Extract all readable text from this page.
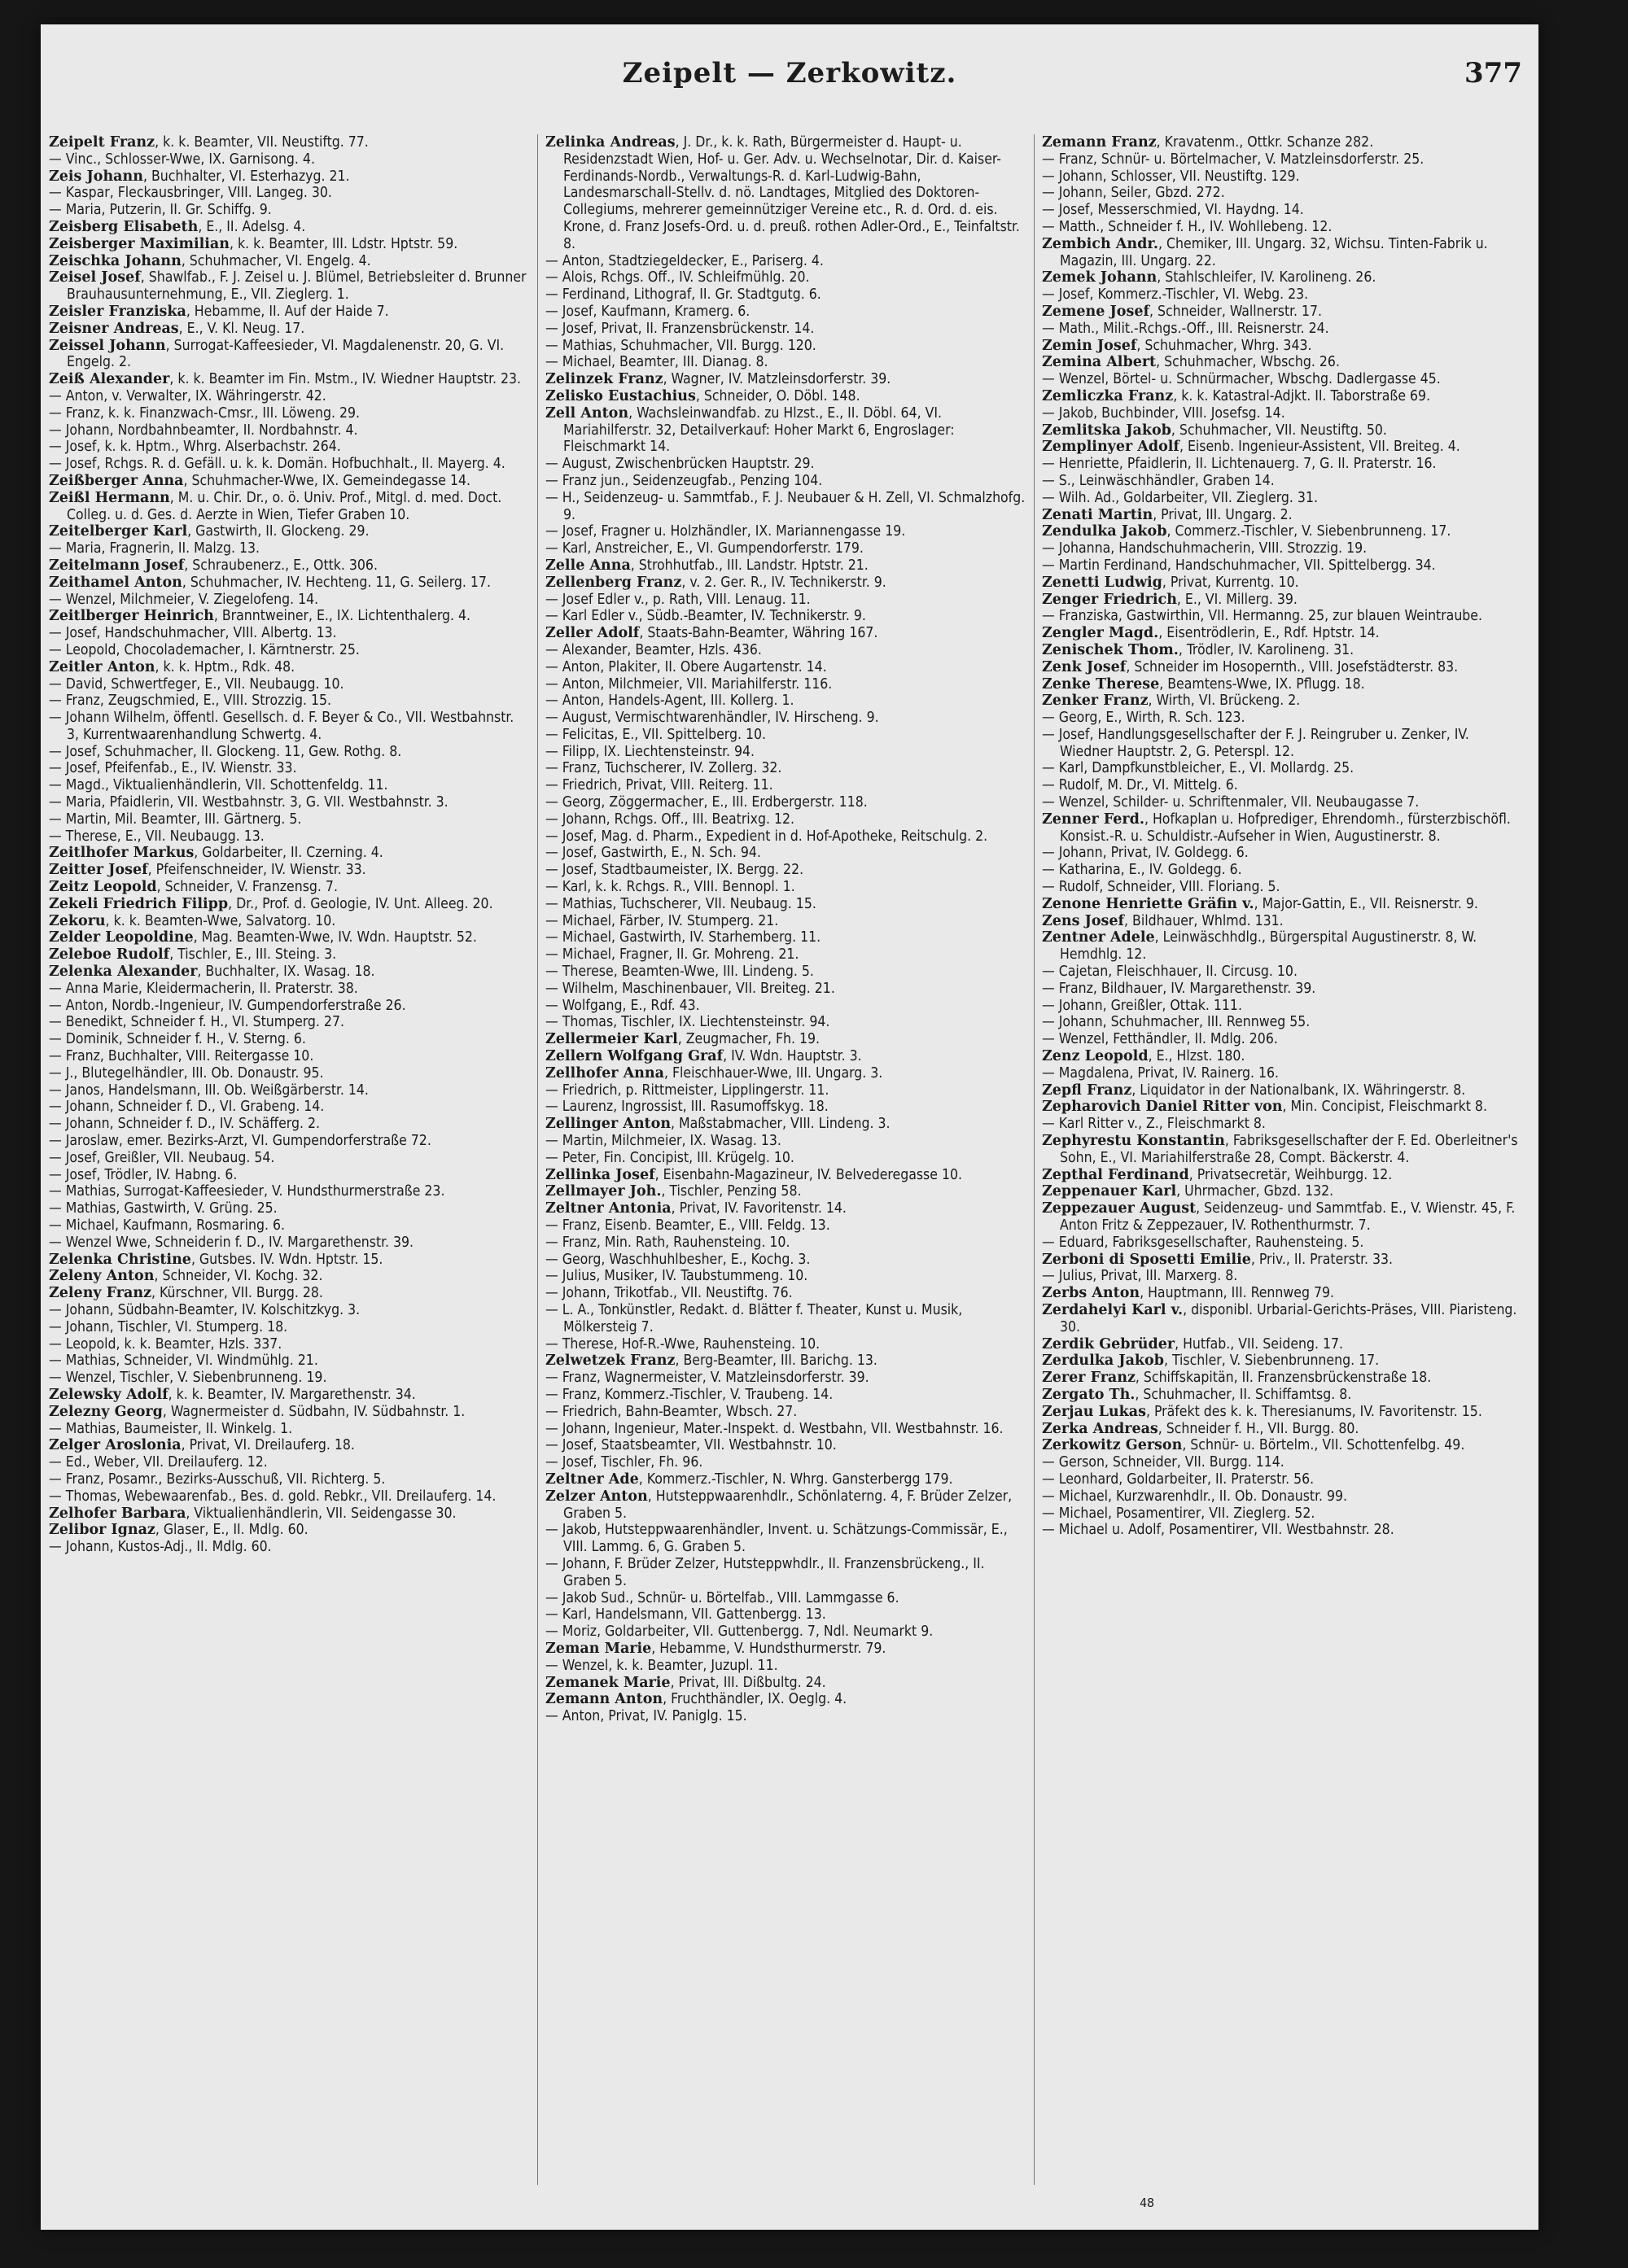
Zeipelt — Zerkowitz.	377
Zeipelt Franz, k. k. Beamter, VII. Neustiftg. 77.
— Vinc., Schlosser-Wwe, IX. Garnisong. 4.
Zeis Johann, Buchhalter, VI. Esterhazyg. 21.
— Kaspar, Fleckausbringer, VIII. Langeg. 30.
— Maria, Putzerin, II. Gr. Schiffg. 9.
Zeisberg Elisabeth, E., II. Adelsg. 4.
Zeisberger Maximilian, k. k. Beamter, III. Ldstr. Hptstr. 59.
Zeischka Johann, Schuhmacher, VI. Engelg. 4.
Zeisel Josef, Shawlfab., F. J. Zeisel u. J. Blümel, Betriebsleiter d. Brunner Brauhausunternehmung, E., VII. Zieglerg. 1.
Zeisler Franziska, Hebamme, II. Auf der Haide 7.
Zeisner Andreas, E., V. Kl. Neug. 17.
Zeissel Johann, Surrogat-Kaffeesieder, VI. Magdalenenstr. 20, G. VI. Engelg. 2.
Zeiß Alexander, k. k. Beamter im Fin. Mstm., IV. Wiedner Hauptstr. 23.
— Anton, v. Verwalter, IX. Währingerstr. 42.
— Franz, k. k. Finanzwach-Cmsr., III. Löweng. 29.
— Johann, Nordbahnbeamter, II. Nordbahnstr. 4.
— Josef, k. k. Hptm., Whrg. Alserbachstr. 264.
— Josef, Rchgs. R. d. Gefäll. u. k. k. Domän. Hofbuchhalt., II. Mayerg. 4.
Zeißberger Anna, Schuhmacher-Wwe, IX. Gemeindegasse 14.
Zeißl Hermann, M. u. Chir. Dr., o. ö. Univ. Prof., Mitgl. d. med. Doct. Colleg. u. d. Ges. d. Aerzte in Wien, Tiefer Graben 10.
Zeitelberger Karl, Gastwirth, II. Glockeng. 29.
— Maria, Fragnerin, II. Malzg. 13.
Zeitelmann Josef, Schraubenerz., E., Ottk. 306.
Zeithamel Anton, Schuhmacher, IV. Hechteng. 11, G. Seilerg. 17.
— Wenzel, Milchmeier, V. Ziegelofeng. 14.
Zeitlberger Heinrich, Branntweiner, E., IX. Lichtenthalerg. 4.
— Josef, Handschuhmacher, VIII. Albertg. 13.
— Leopold, Chocolademacher, I. Kärntnerstr. 25.
Zeitler Anton, k. k. Hptm., Rdk. 48.
— David, Schwertfeger, E., VII. Neubaugg. 10.
— Franz, Zeugschmied, E., VIII. Strozzig. 15.
— Johann Wilhelm, öffentl. Gesellsch. d. F. Beyer & Co., VII. Westbahnstr. 3, Kurrentwaarenhandlung Schwertg. 4.
— Josef, Schuhmacher, II. Glockeng. 11, Gew. Rothg. 8.
— Josef, Pfeifenfab., E., IV. Wienstr. 33.
— Magd., Viktualienhändlerin, VII. Schottenfeldg. 11.
— Maria, Pfaidlerin, VII. Westbahnstr. 3, G. VII. Westbahnstr. 3.
— Martin, Mil. Beamter, III. Gärtnerg. 5.
— Therese, E., VII. Neubaugg. 13.
Zeitlhofer Markus, Goldarbeiter, II. Czerning. 4.
Zeitter Josef, Pfeifenschneider, IV. Wienstr. 33.
Zeitz Leopold, Schneider, V. Franzensg. 7.
Zekeli Friedrich Filipp, Dr., Prof. d. Geologie, IV. Unt. Alleeg. 20.
Zekoru, k. k. Beamten-Wwe, Salvatorg. 10.
Zelder Leopoldine, Mag. Beamten-Wwe, IV. Wdn. Hauptstr. 52.
Zeleboe Rudolf, Tischler, E., III. Steing. 3.
Zelenka Alexander, Buchhalter, IX. Wasag. 18.
— Anna Marie, Kleidermacherin, II. Praterstr. 38.
— Anton, Nordb.-Ingenieur, IV. Gumpendorferstraße 26.
— Benedikt, Schneider f. H., VI. Stumperg. 27.
— Dominik, Schneider f. H., V. Sterng. 6.
— Franz, Buchhalter, VIII. Reitergasse 10.
— J., Blutegelhändler, III. Ob. Donaustr. 95.
— Janos, Handelsmann, III. Ob. Weißgärberstr. 14.
— Johann, Schneider f. D., VI. Grabeng. 14.
— Johann, Schneider f. D., IV. Schäfferg. 2.
— Jaroslaw, emer. Bezirks-Arzt, VI. Gumpendorferstraße 72.
— Josef, Greißler, VII. Neubaug. 54.
— Josef, Trödler, IV. Habng. 6.
— Mathias, Surrogat-Kaffeesieder, V. Hundsthurmerstraße 23.
— Mathias, Gastwirth, V. Grüng. 25.
— Michael, Kaufmann, Rosmaring. 6.
— Wenzel Wwe, Schneiderin f. D., IV. Margarethenstr. 39.
Zelenka Christine, Gutsbes. IV. Wdn. Hptstr. 15.
Zeleny Anton, Schneider, VI. Kochg. 32.
Zeleny Franz, Kürschner, VII. Burgg. 28.
— Johann, Südbahn-Beamter, IV. Kolschitzkyg. 3.
— Johann, Tischler, VI. Stumperg. 18.
— Leopold, k. k. Beamter, Hzls. 337.
— Mathias, Schneider, VI. Windmühlg. 21.
— Wenzel, Tischler, V. Siebenbrunneng. 19.
Zelewsky Adolf, k. k. Beamter, IV. Margarethenstr. 34.
Zelezny Georg, Wagnermeister d. Südbahn, IV. Südbahnstr. 1.
— Mathias, Baumeister, II. Winkelg. 1.
Zelger Aroslonia, Privat, VI. Dreilauferg. 18.
— Ed., Weber, VII. Dreilauferg. 12.
— Franz, Posamr., Bezirks-Ausschuß, VII. Richterg. 5.
— Thomas, Webewaarenfab., Bes. d. gold. Rebkr., VII. Dreilauferg. 14.
Zelhofer Barbara, Viktualienhändlerin, VII. Seidengasse 30.
Zelibor Ignaz, Glaser, E., II. Mdlg. 60.
— Johann, Kustos-Adj., II. Mdlg. 60.
Zelinka Andreas, J. Dr., k. k. Rath, Bürgermeister d. Haupt- u. Residenzstadt Wien, Hof- u. Ger. Adv. u. Wechselnotar, Dir. d. Kaiser-Ferdinands-Nordb., Verwaltungs-R. d. Karl-Ludwig-Bahn, Landesmarschall-Stellv. d. nö. Landtages, Mitglied des Doktoren-Collegiums, mehrerer gemeinnütziger Vereine etc., R. d. Ord. d. eis. Krone, d. Franz Josefs-Ord. u. d. preuß. rothen Adler-Ord., E., Teinfaltstr. 8.
— Anton, Stadtziegeldecker, E., Pariserg. 4.
— Alois, Rchgs. Off., IV. Schleifmühlg. 20.
— Ferdinand, Lithograf, II. Gr. Stadtgutg. 6.
— Josef, Kaufmann, Kramerg. 6.
— Josef, Privat, II. Franzensbrückenstr. 14.
— Mathias, Schuhmacher, VII. Burgg. 120.
— Michael, Beamter, III. Dianag. 8.
Zelinzek Franz, Wagner, IV. Matzleinsdorferstr. 39.
Zelisko Eustachius, Schneider, O. Döbl. 148.
Zell Anton, Wachsleinwandfab. zu Hlzst., E., II. Döbl. 64, VI. Mariahilferstr. 32, Detailverkauf: Hoher Markt 6, Engroslager: Fleischmarkt 14.
— August, Zwischenbrücken Hauptstr. 29.
— Franz jun., Seidenzeugfab., Penzing 104.
— H., Seidenzeug- u. Sammtfab., F. J. Neubauer & H. Zell, VI. Schmalzhofg. 9.
— Josef, Fragner u. Holzhändler, IX. Mariannengasse 19.
— Karl, Anstreicher, E., VI. Gumpendorferstr. 179.
Zelle Anna, Strohhutfab., III. Landstr. Hptstr. 21.
Zellenberg Franz, v. 2. Ger. R., IV. Technikerstr. 9.
— Josef Edler v., p. Rath, VIII. Lenaug. 11.
— Karl Edler v., Südb.-Beamter, IV. Technikerstr. 9.
Zeller Adolf, Staats-Bahn-Beamter, Währing 167.
— Alexander, Beamter, Hzls. 436.
— Anton, Plakiter, II. Obere Augartenstr. 14.
— Anton, Milchmeier, VII. Mariahilferstr. 116.
— Anton, Handels-Agent, III. Kollerg. 1.
— August, Vermischtwarenhändler, IV. Hirscheng. 9.
— Felicitas, E., VII. Spittelberg. 10.
— Filipp, IX. Liechtensteinstr. 94.
— Franz, Tuchscherer, IV. Zollerg. 32.
— Friedrich, Privat, VIII. Reiterg. 11.
— Georg, Zöggermacher, E., III. Erdbergerstr. 118.
— Johann, Rchgs. Off., III. Beatrixg. 12.
— Josef, Mag. d. Pharm., Expedient in d. Hof-Apotheke, Reitschulg. 2.
— Josef, Gastwirth, E., N. Sch. 94.
— Josef, Stadtbaumeister, IX. Bergg. 22.
— Karl, k. k. Rchgs. R., VIII. Bennopl. 1.
— Mathias, Tuchscherer, VII. Neubaug. 15.
— Michael, Färber, IV. Stumperg. 21.
— Michael, Gastwirth, IV. Starhemberg. 11.
— Michael, Fragner, II. Gr. Mohreng. 21.
— Therese, Beamten-Wwe, III. Lindeng. 5.
— Wilhelm, Maschinenbauer, VII. Breiteg. 21.
— Wolfgang, E., Rdf. 43.
— Thomas, Tischler, IX. Liechtensteinstr. 94.
Zellermeier Karl, Zeugmacher, Fh. 19.
Zellern Wolfgang Graf, IV. Wdn. Hauptstr. 3.
Zellhofer Anna, Fleischhauer-Wwe, III. Ungarg. 3.
— Friedrich, p. Rittmeister, Lipplingerstr. 11.
— Laurenz, Ingrossist, III. Rasumoffskyg. 18.
Zellinger Anton, Maßstabmacher, VIII. Lindeng. 3.
— Martin, Milchmeier, IX. Wasag. 13.
— Peter, Fin. Concipist, III. Krügelg. 10.
Zellinka Josef, Eisenbahn-Magazineur, IV. Belvederegasse 10.
Zellmayer Joh., Tischler, Penzing 58.
Zeltner Antonia, Privat, IV. Favoritenstr. 14.
— Franz, Eisenb. Beamter, E., VIII. Feldg. 13.
— Franz, Min. Rath, Rauhensteing. 10.
— Georg, Waschhuhlbesher, E., Kochg. 3.
— Julius, Musiker, IV. Taubstummeng. 10.
— Johann, Trikotfab., VII. Neustiftg. 76.
— L. A., Tonkünstler, Redakt. d. Blätter f. Theater, Kunst u. Musik, Mölkersteig 7.
— Therese, Hof-R.-Wwe, Rauhensteing. 10.
Zelwetzek Franz, Berg-Beamter, III. Barichg. 13.
— Franz, Wagnermeister, V. Matzleinsdorferstr. 39.
— Franz, Kommerz.-Tischler, V. Traubeng. 14.
— Friedrich, Bahn-Beamter, Wbsch. 27.
— Johann, Ingenieur, Mater.-Inspekt. d. Westbahn, VII. Westbahnstr. 16.
— Josef, Staatsbeamter, VII. Westbahnstr. 10.
— Josef, Tischler, Fh. 96.
Zeltner Ade, Kommerz.-Tischler, N. Whrg. Gansterbergg 179.
Zelzer Anton, Hutsteppwaarenhdlr., Schönlaterng. 4, F. Brüder Zelzer, Graben 5.
— Jakob, Hutsteppwaarenhändler, Invent. u. Schätzungs-Commissär, E., VIII. Lammg. 6, G. Graben 5.
— Johann, F. Brüder Zelzer, Hutsteppwhdlr., II. Franzensbrückeng., II. Graben 5.
— Jakob Sud., Schnür- u. Börtelfab., VIII. Lammgasse 6.
— Karl, Handelsmann, VII. Gattenbergg. 13.
— Moriz, Goldarbeiter, VII. Guttenbergg. 7, Ndl. Neumarkt 9.
Zeman Marie, Hebamme, V. Hundsthurmerstr. 79.
— Wenzel, k. k. Beamter, Juzupl. 11.
Zemanek Marie, Privat, III. Dißbultg. 24.
Zemann Anton, Fruchthändler, IX. Oeglg. 4.
— Anton, Privat, IV. Paniglg. 15.
Zemann Franz, Kravatenm., Ottkr. Schanze 282.
— Franz, Schnür- u. Börtelmacher, V. Matzleinsdorferstr. 25.
— Johann, Schlosser, VII. Neustiftg. 129.
— Johann, Seiler, Gbzd. 272.
— Josef, Messerschmied, VI. Haydng. 14.
— Matth., Schneider f. H., IV. Wohllebeng. 12.
Zembich Andr., Chemiker, III. Ungarg. 32, Wichsu. Tinten-Fabrik u. Magazin, III. Ungarg. 22.
Zemek Johann, Stahlschleifer, IV. Karolineng. 26.
— Josef, Kommerz.-Tischler, VI. Webg. 23.
Zemene Josef, Schneider, Wallnerstr. 17.
— Math., Milit.-Rchgs.-Off., III. Reisnerstr. 24.
Zemin Josef, Schuhmacher, Whrg. 343.
Zemina Albert, Schuhmacher, Wbschg. 26.
— Wenzel, Börtel- u. Schnürmacher, Wbschg. Dadlergasse 45.
Zemliczka Franz, k. k. Katastral-Adjkt. II. Taborstraße 69.
— Jakob, Buchbinder, VIII. Josefsg. 14.
Zemlitska Jakob, Schuhmacher, VII. Neustiftg. 50.
Zemplinyer Adolf, Eisenb. Ingenieur-Assistent, VII. Breiteg. 4.
— Henriette, Pfaidlerin, II. Lichtenauerg. 7, G. II. Praterstr. 16.
— S., Leinwäschhändler, Graben 14.
— Wilh. Ad., Goldarbeiter, VII. Zieglerg. 31.
Zenati Martin, Privat, III. Ungarg. 2.
Zendulka Jakob, Commerz.-Tischler, V. Siebenbrunneng. 17.
— Johanna, Handschuhmacherin, VIII. Strozzig. 19.
— Martin Ferdinand, Handschuhmacher, VII. Spittelbergg. 34.
Zenetti Ludwig, Privat, Kurrentg. 10.
Zenger Friedrich, E., VI. Millerg. 39.
— Franziska, Gastwirthin, VII. Hermanng. 25, zur blauen Weintraube.
Zengler Magd., Eisentrödlerin, E., Rdf. Hptstr. 14.
Zenischek Thom., Trödler, IV. Karolineng. 31.
Zenk Josef, Schneider im Hosopernth., VIII. Josefstädterstr. 83.
Zenke Therese, Beamtens-Wwe, IX. Pflugg. 18.
Zenker Franz, Wirth, VI. Brückeng. 2.
— Georg, E., Wirth, R. Sch. 123.
— Josef, Handlungsgesellschafter der F. J. Reingruber u. Zenker, IV. Wiedner Hauptstr. 2, G. Peterspl. 12.
— Karl, Dampfkunstbleicher, E., VI. Mollardg. 25.
— Rudolf, M. Dr., VI. Mittelg. 6.
— Wenzel, Schilder- u. Schriftenmaler, VII. Neubaugasse 7.
Zenner Ferd., Hofkaplan u. Hofprediger, Ehrendomh., fürsterzbischöfl. Konsist.-R. u. Schuldistr.-Aufseher in Wien, Augustinerstr. 8.
— Johann, Privat, IV. Goldegg. 6.
— Katharina, E., IV. Goldegg. 6.
— Rudolf, Schneider, VIII. Floriang. 5.
Zenone Henriette Gräfin v., Major-Gattin, E., VII. Reisnerstr. 9.
Zens Josef, Bildhauer, Whlmd. 131.
Zentner Adele, Leinwäschhdlg., Bürgerspital Augustinerstr. 8, W. Hemdhlg. 12.
— Cajetan, Fleischhauer, II. Circusg. 10.
— Franz, Bildhauer, IV. Margarethenstr. 39.
— Johann, Greißler, Ottak. 111.
— Johann, Schuhmacher, III. Rennweg 55.
— Wenzel, Fetthändler, II. Mdlg. 206.
Zenz Leopold, E., Hlzst. 180.
— Magdalena, Privat, IV. Rainerg. 16.
Zepfl Franz, Liquidator in der Nationalbank, IX. Währingerstr. 8.
Zepharovich Daniel Ritter von, Min. Concipist, Fleischmarkt 8.
— Karl Ritter v., Z., Fleischmarkt 8.
Zephyrestu Konstantin, Fabriksgesellschafter der F. Ed. Oberleitner's Sohn, E., VI. Mariahilferstraße 28, Compt. Bäckerstr. 4.
Zepthal Ferdinand, Privatsecretär, Weihburgg. 12.
Zeppenauer Karl, Uhrmacher, Gbzd. 132.
Zeppezauer August, Seidenzeug- und Sammtfab. E., V. Wienstr. 45, F. Anton Fritz & Zeppezauer, IV. Rothenthurmstr. 7.
— Eduard, Fabriksgesellschafter, Rauhensteing. 5.
Zerboni di Sposetti Emilie, Priv., II. Praterstr. 33.
— Julius, Privat, III. Marxerg. 8.
Zerbs Anton, Hauptmann, III. Rennweg 79.
Zerdahelyi Karl v., disponibl. Urbarial-Gerichts-Präses, VIII. Piaristeng. 30.
Zerdik Gebrüder, Hutfab., VII. Seideng. 17.
Zerdulka Jakob, Tischler, V. Siebenbrunneng. 17.
Zerer Franz, Schiffskapitän, II. Franzensbrückenstraße 18.
Zergato Th., Schuhmacher, II. Schiffamtsg. 8.
Zerjau Lukas, Präfekt des k. k. Theresianums, IV. Favoritenstr. 15.
Zerka Andreas, Schneider f. H., VII. Burgg. 80.
Zerkowitz Gerson, Schnür- u. Börtelm., VII. Schottenfelbg. 49.
— Gerson, Schneider, VII. Burgg. 114.
— Leonhard, Goldarbeiter, II. Praterstr. 56.
— Michael, Kurzwarenhdlr., II. Ob. Donaustr. 99.
— Michael, Posamentirer, VII. Zieglerg. 52.
— Michael u. Adolf, Posamentirer, VII. Westbahnstr. 28.
48
